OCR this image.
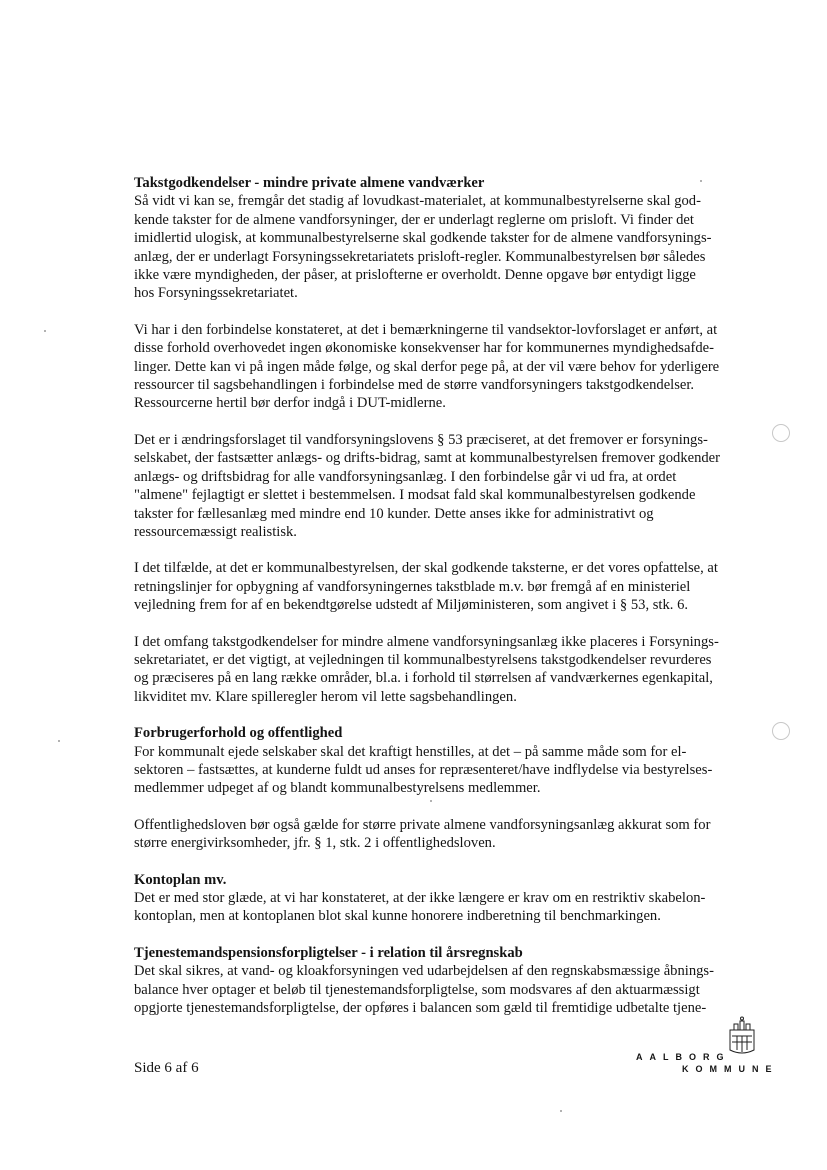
Takstgodkendelser - mindre private almene vandværker

Så vidt vi kan se, fremgår det stadig af lovudkast-materialet, at kommunalbestyrelserne skal god-
kende takster for de almene vandforsyninger, der er underlagt reglerne om prisloft. Vi finder det
imidlertid ulogisk, at kommunalbestyrelserne skal godkende takster for de almene vandforsynings-
anlæg, der er underlagt Forsyningssekretariatets prisloft-regler. Kommunalbestyrelsen bør således
ikke være myndigheden, der påser, at prislofterne er overholdt. Denne opgave bør entydigt ligge
hos Forsyningssekretariatet.

Vi har i den forbindelse konstateret, at det i bemærkningerne til vandsektor-lovforslaget er anført, at
disse forhold overhovedet ingen økonomiske konsekvenser har for kommunernes myndighedsafde-
linger. Dette kan vi på ingen måde følge, og skal derfor pege på, at der vil være behov for yderligere
ressourcer til sagsbehandlingen i forbindelse med de større vandforsyningers takstgodkendelser.
Ressourcerne hertil bør derfor indgå i DUT-midlerne.

Det er i ændringsforslaget til vandforsyningslovens § 53 præciseret, at det fremover er forsynings-
selskabet, der fastsætter anlægs- og drifts-bidrag, samt at kommunalbestyrelsen fremover godkender
anlægs- og driftsbidrag for alle vandforsyningsanlæg. I den forbindelse går vi ud fra, at ordet
"almene" fejlagtigt er slettet i bestemmelsen. I modsat fald skal kommunalbestyrelsen godkende
takster for fællesanlæg med mindre end 10 kunder. Dette anses ikke for administrativt og
ressourcemæssigt realistisk.

I det tilfælde, at det er kommunalbestyrelsen, der skal godkende taksterne, er det vores opfattelse, at
retningslinjer for opbygning af vandforsyningernes takstblade m.v. bør fremgå af en ministeriel
vejledning frem for af en bekendtgørelse udstedt af Miljøministeren, som angivet i § 53, stk. 6.

I det omfang takstgodkendelser for mindre almene vandforsyningsanlæg ikke placeres i Forsynings-
sekretariatet, er det vigtigt, at vejledningen til kommunalbestyrelsens takstgodkendelser revurderes
og præciseres på en lang række områder, bl.a. i forhold til størrelsen af vandværkernes egenkapital,
likviditet mv. Klare spilleregler herom vil lette sagsbehandlingen.

Forbrugerforhold og offentlighed

For kommunalt ejede selskaber skal det kraftigt henstilles, at det – på samme måde som for el-
sektoren – fastsættes, at kunderne fuldt ud anses for repræsenteret/have indflydelse via bestyrelses-
medlemmer udpeget af og blandt kommunalbestyrelsens medlemmer.

Offentlighedsloven bør også gælde for større private almene vandforsyningsanlæg akkurat som for
større energivirksomheder, jfr. § 1, stk. 2 i offentlighedsloven.

Kontoplan mv.

Det er med stor glæde, at vi har konstateret, at der ikke længere er krav om en restriktiv skabelon-
kontoplan, men at kontoplanen blot skal kunne honorere indberetning til benchmarkingen.

Tjenestemandspensionsforpligtelser - i relation til årsregnskab

Det skal sikres, at vand- og kloakforsyningen ved udarbejdelsen af den regnskabsmæssige åbnings-
balance hver optager et beløb til tjenestemandsforpligtelse, som modsvares af den aktuarmæssigt
opgjorte tjenestemandsforpligtelse, der opføres i balancen som gæld til fremtidige udbetalte tjene-

Side 6 af 6
AALBORG
KOMMUNE
